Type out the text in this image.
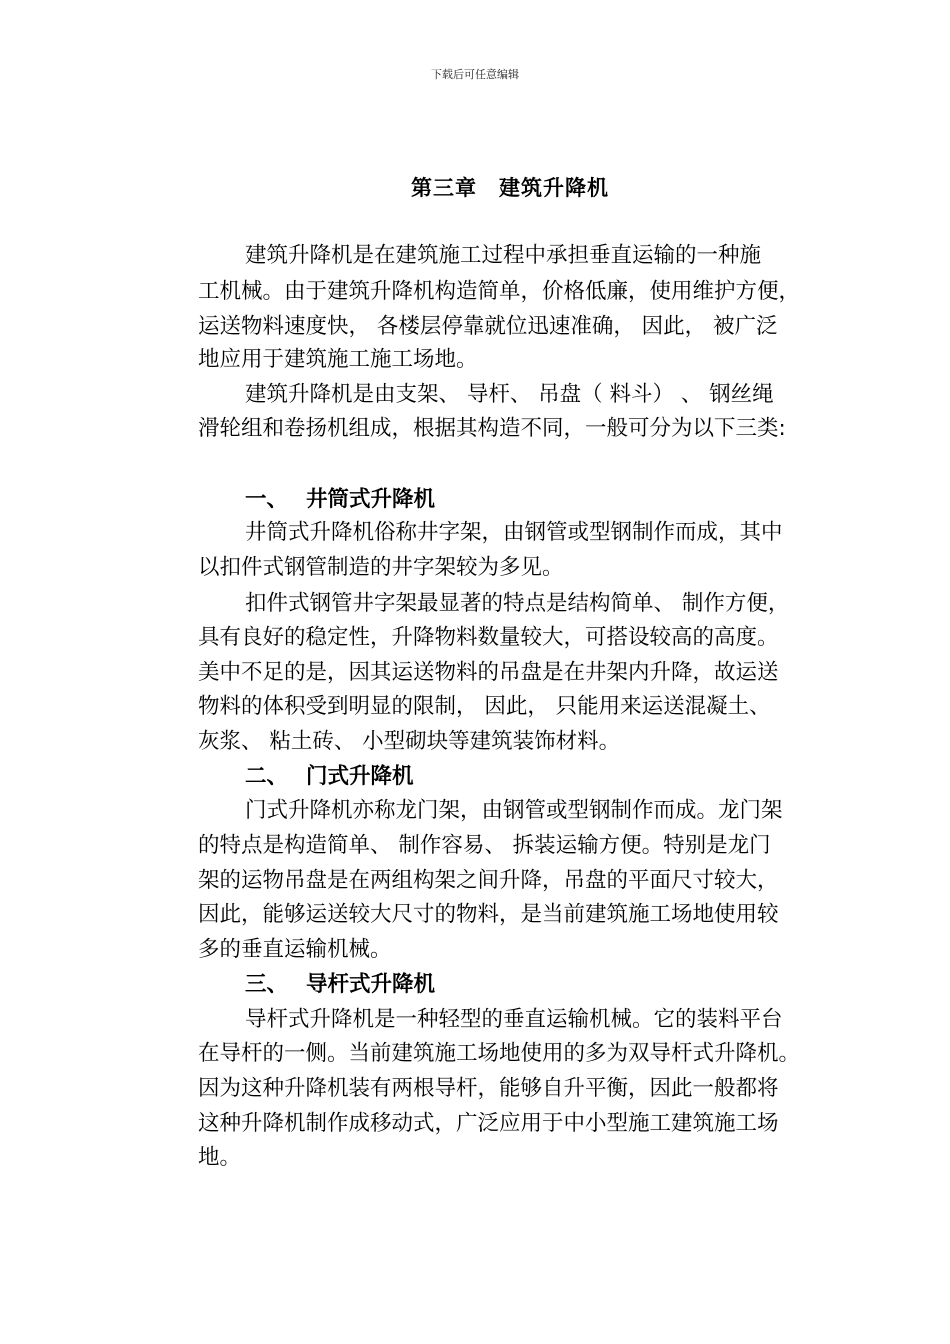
下载后可任意编辑
第三章 建筑升降机
建筑升降机是在建筑施工过程中承担垂直运输的一种施
工机械。由于建筑升降机构造简单，价格低廉，使用维护方便，
运送物料速度快， 各楼层停靠就位迅速准确， 因此， 被广泛
地应用于建筑施工施工场地。
建筑升降机是由支架、 导杆、 吊盘（ 料斗） 、 钢丝绳
滑轮组和卷扬机组成，根据其构造不同，一般可分为以下三类:
一、 井筒式升降机
井筒式升降机俗称井字架，由钢管或型钢制作而成，其中
以扣件式钢管制造的井字架较为多见。
扣件式钢管井字架最显著的特点是结构简单、 制作方便，
具有良好的稳定性，升降物料数量较大，可搭设较高的高度。
美中不足的是，因其运送物料的吊盘是在井架内升降，故运送
物料的体积受到明显的限制， 因此， 只能用来运送混凝土、
灰浆、 粘土砖、 小型砌块等建筑装饰材料。
二、 门式升降机
门式升降机亦称龙门架，由钢管或型钢制作而成。龙门架
的特点是构造简单、 制作容易、 拆装运输方便。特别是龙门
架的运物吊盘是在两组构架之间升降，吊盘的平面尺寸较大，
因此，能够运送较大尺寸的物料，是当前建筑施工场地使用较
多的垂直运输机械。
三、 导杆式升降机
导杆式升降机是一种轻型的垂直运输机械。它的装料平台
在导杆的一侧。当前建筑施工场地使用的多为双导杆式升降机。
因为这种升降机装有两根导杆，能够自升平衡，因此一般都将
这种升降机制作成移动式，广泛应用于中小型施工建筑施工场
地。
